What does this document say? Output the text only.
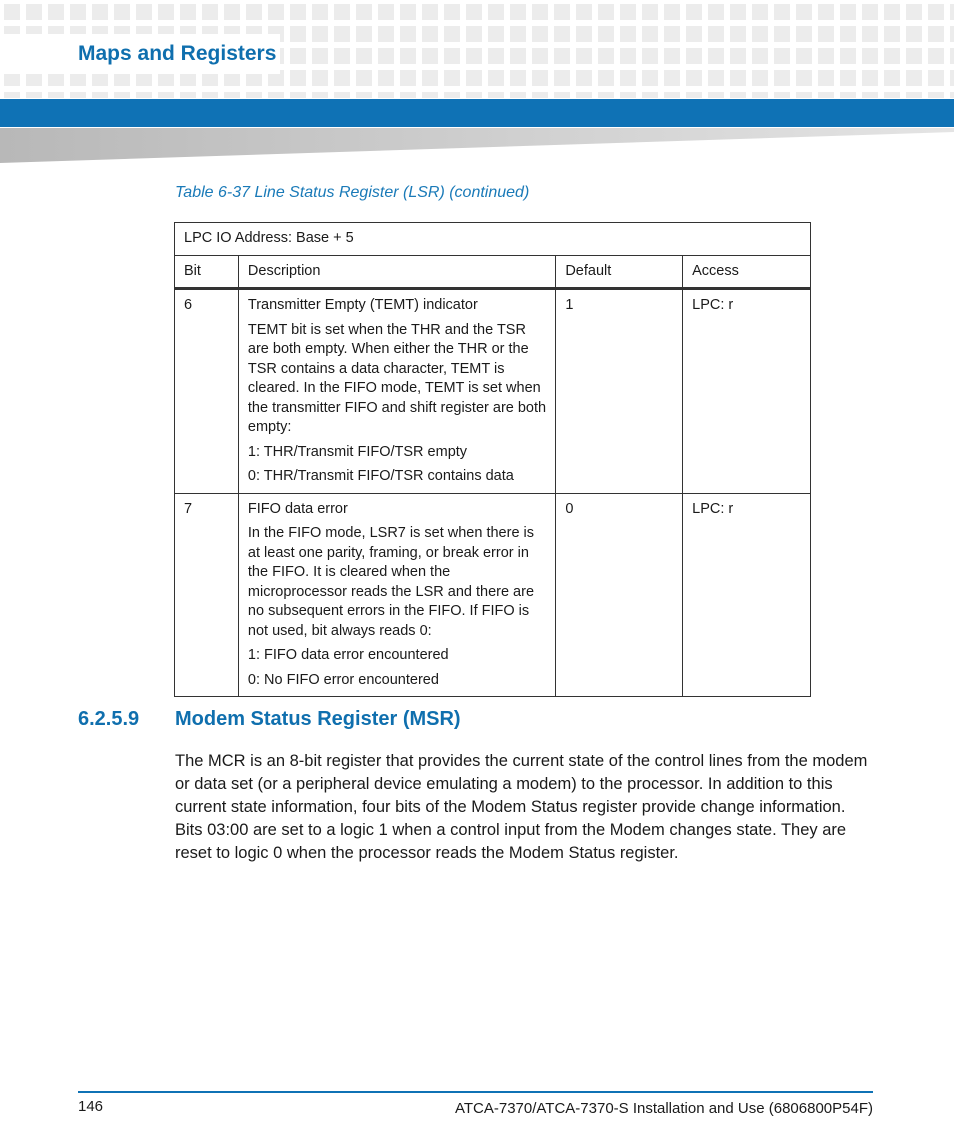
Maps and Registers
Table 6-37 Line Status Register (LSR) (continued)
LPC IO Address: Base + 5			
Bit	Description	Default	Access
6	Transmitter Empty (TEMT) indicator

TEMT bit is set when the THR and the TSR are both empty. When either the THR or the TSR contains a data character, TEMT is cleared. In the FIFO mode, TEMT is set when the transmitter FIFO and shift register are both empty:

1: THR/Transmit FIFO/TSR empty

0: THR/Transmit FIFO/TSR contains data	1	LPC: r
7	FIFO data error

In the FIFO mode, LSR7 is set when there is at least one parity, framing, or break error in the FIFO. It is cleared when the microprocessor reads the LSR and there are no subsequent errors in the FIFO. If FIFO is not used, bit always reads 0:

1: FIFO data error encountered

0: No FIFO error encountered	0	LPC: r
6.2.5.9 Modem Status Register (MSR)
The MCR is an 8-bit register that provides the current state of the control lines from the modem or data set (or a peripheral device emulating a modem) to the processor. In addition to this current state information, four bits of the Modem Status register provide change information. Bits 03:00 are set to a logic 1 when a control input from the Modem changes state. They are reset to logic 0 when the processor reads the Modem Status register.
146	ATCA-7370/ATCA-7370-S Installation and Use (6806800P54F)
